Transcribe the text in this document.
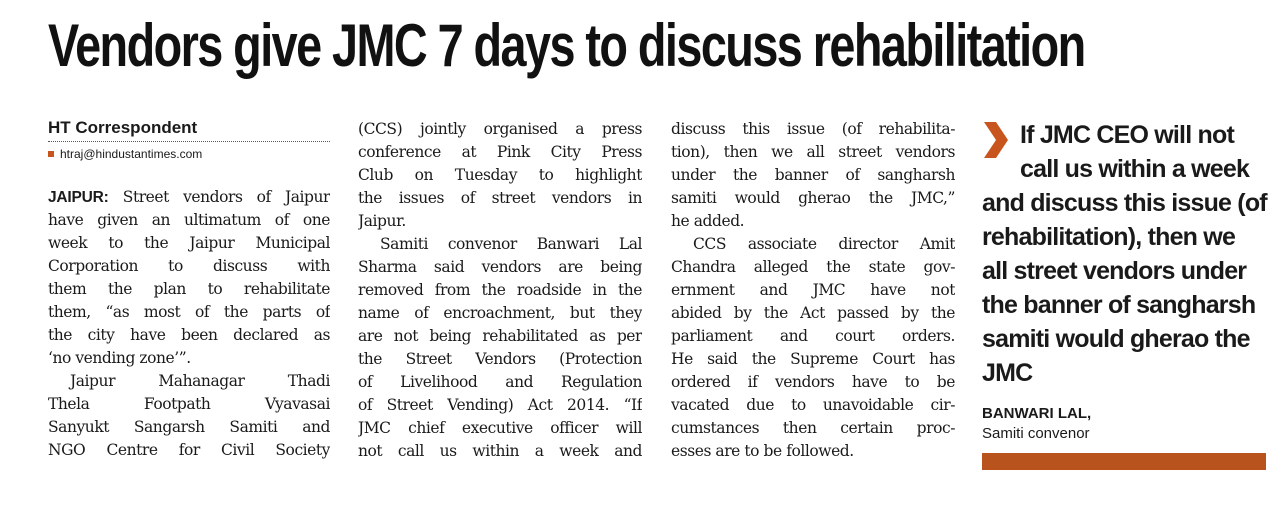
Vendors give JMC 7 days to discuss rehabilitation
HT Correspondent
htraj@hindustantimes.com
JAIPUR: Street vendors of Jaipur
have given an ultimatum of one
week to the Jaipur Municipal
Corporation to discuss with
them the plan to rehabilitate
them, “as most of the parts of
the city have been declared as
‘no vending zone’”.
Jaipur Mahanagar Thadi
Thela Footpath Vyavasai
Sanyukt Sangarsh Samiti and
NGO Centre for Civil Society
(CCS) jointly organised a press
conference at Pink City Press
Club on Tuesday to highlight
the issues of street vendors in
Jaipur.
Samiti convenor Banwari Lal
Sharma said vendors are being
removed from the roadside in the
name of encroachment, but they
are not being rehabilitated as per
the Street Vendors (Protection
of Livelihood and Regulation
of Street Vending) Act 2014. “If
JMC chief executive officer will
not call us within a week and
discuss this issue (of rehabilita-
tion), then we all street vendors
under the banner of sangharsh
samiti would gherao the JMC,”
he added.
CCS associate director Amit
Chandra alleged the state gov-
ernment and JMC have not
abided by the Act passed by the
parliament and court orders.
He said the Supreme Court has
ordered if vendors have to be
vacated due to unavoidable cir-
cumstances then certain proc-
esses are to be followed.
If JMC CEO will not
call us within a week
and discuss this issue (of
rehabilitation), then we
all street vendors under
the banner of sangharsh
samiti would gherao the
JMC
BANWARI LAL,
Samiti convenor
